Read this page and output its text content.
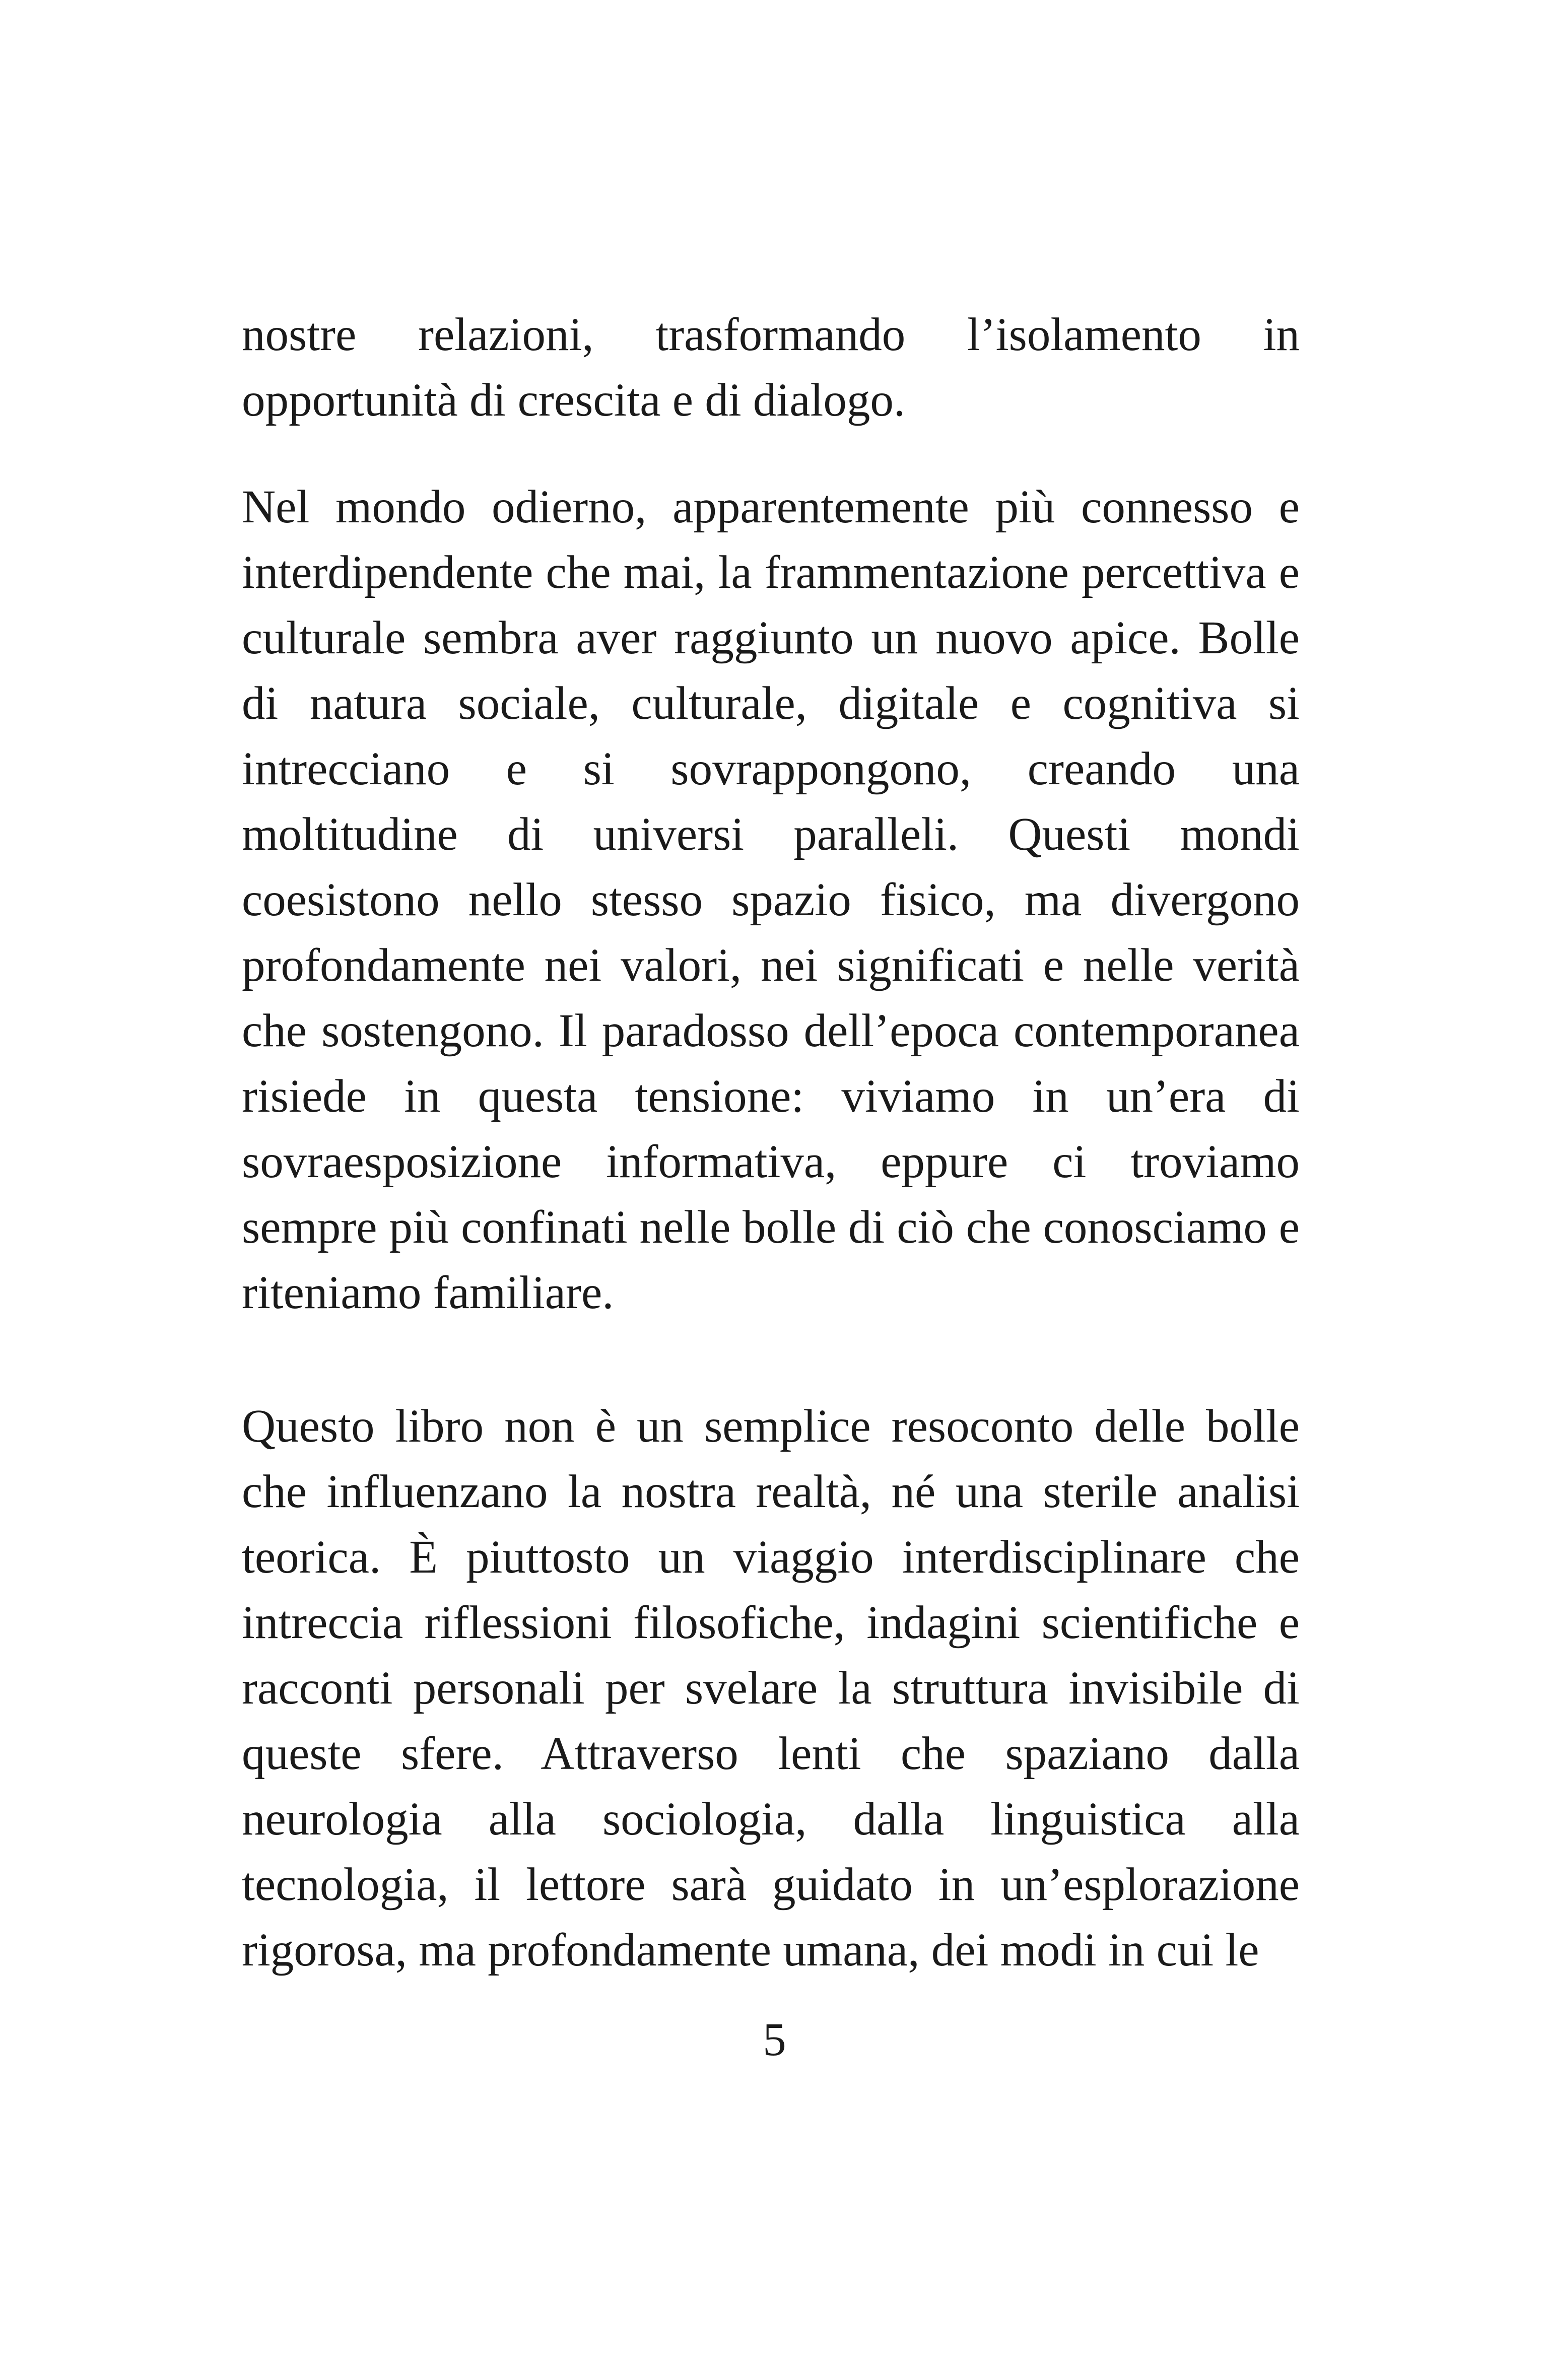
nostre relazioni, trasformando l’isolamento in opportunità di crescita e di dialogo.

Nel mondo odierno, apparentemente più connesso e interdipendente che mai, la frammentazione percettiva e culturale sembra aver raggiunto un nuovo apice. Bolle di natura sociale, culturale, digitale e cognitiva si intrecciano e si sovrappongono, creando una moltitudine di universi paralleli. Questi mondi coesistono nello stesso spazio fisico, ma divergono profondamente nei valori, nei significati e nelle verità che sostengono. Il paradosso dell’epoca contemporanea risiede in questa tensione: viviamo in un’era di sovraesposizione informativa, eppure ci troviamo sempre più confinati nelle bolle di ciò che conosciamo e riteniamo familiare.

Questo libro non è un semplice resoconto delle bolle che influenzano la nostra realtà, né una sterile analisi teorica. È piuttosto un viaggio interdisciplinare che intreccia riflessioni filosofiche, indagini scientifiche e racconti personali per svelare la struttura invisibile di queste sfere. Attraverso lenti che spaziano dalla neurologia alla sociologia, dalla linguistica alla tecnologia, il lettore sarà guidato in un’esplorazione rigorosa, ma profondamente umana, dei modi in cui le

5
